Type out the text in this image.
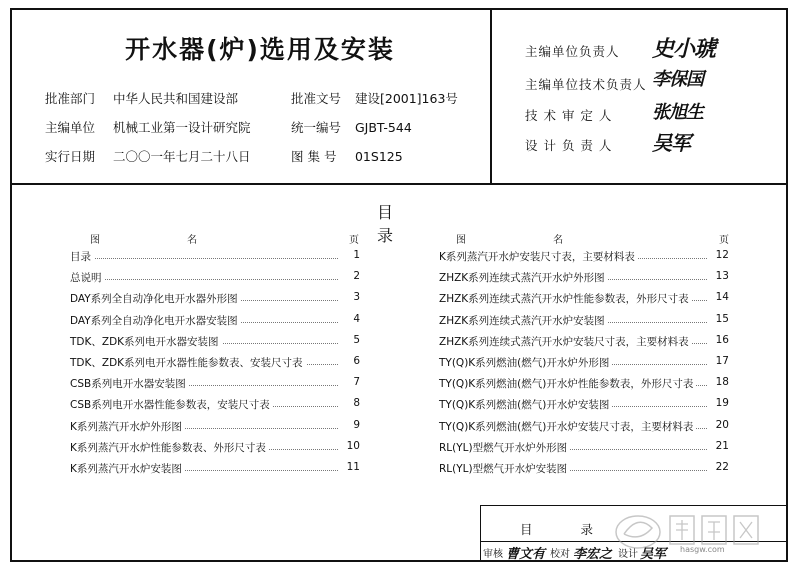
开水器(炉)选用及安装
批准部门 中华人民共和国建设部	批准文号 建设[2001]163号
主编单位 机械工业第一设计研究院	统一编号 GJBT-544
实行日期 二〇〇一年七月二十八日	图 集 号 01S125
主编单位负责人 史小琥
主编单位技术负责人 李保国
技 术 审 定 人 张旭生
设 计 负 责 人 吴军
目 录
图 名	页	图 名	页
目录	1
总说明	2
DAY系列全自动净化电开水器外形图	3
DAY系列全自动净化电开水器安装图	4
TDK、ZDK系列电开水器安装图	5
TDK、ZDK系列电开水器性能参数表、安装尺寸表	6
CSB系列电开水器安装图	7
CSB系列电开水器性能参数表，安装尺寸表	8
K系列蒸汽开水炉外形图	9
K系列蒸汽开水炉性能参数表、外形尺寸表	10
K系列蒸汽开水炉安装图	11
K系列蒸汽开水炉安装尺寸表，主要材料表	12
ZHZK系列连续式蒸汽开水炉外形图	13
ZHZK系列连续式蒸汽开水炉性能参数表，外形尺寸表	14
ZHZK系列连续式蒸汽开水炉安装图	15
ZHZK系列连续式蒸汽开水炉安装尺寸表，主要材料表	16
TY(Q)K系列燃油(燃气)开水炉外形图	17
TY(Q)K系列燃油(燃气)开水炉性能参数表，外形尺寸表	18
TY(Q)K系列燃油(燃气)开水炉安装图	19
TY(Q)K系列燃油(燃气)开水炉安装尺寸表，主要材料表	20
RL(YL)型燃气开水炉外形图	21
RL(YL)型燃气开水炉安装图	22
目 录
审核 曹文有 校对 李宏之 设计 吴军 hasgw.com
